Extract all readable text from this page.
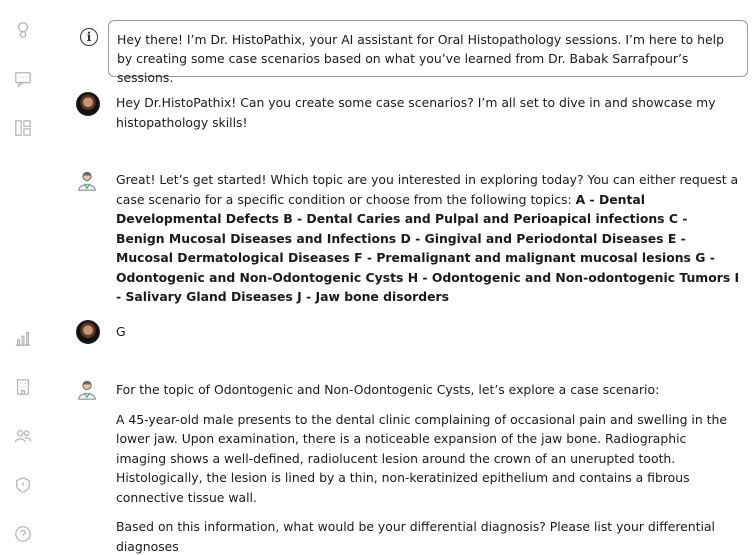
i	Hey there! I’m Dr. HistoPathix, your AI assistant for Oral Histopathology sessions. I’m here to help by creating some case scenarios based on what you’ve learned from Dr. Babak Sarrafpour’s sessions.
Hey Dr.HistoPathix! Can you create some case scenarios? I’m all set to dive in and showcase my histopathology skills!
Great! Let’s get started! Which topic are you interested in exploring today? You can either request a case scenario for a specific condition or choose from the following topics: A - Dental Developmental Defects B - Dental Caries and Pulpal and Perioapical infections C - Benign Mucosal Diseases and Infections D - Gingival and Periodontal Diseases E - Mucosal Dermatological Diseases F - Premalignant and malignant mucosal lesions G - Odontogenic and Non-Odontogenic Cysts H - Odontogenic and Non-odontogenic Tumors I - Salivary Gland Diseases J - Jaw bone disorders
G
For the topic of Odontogenic and Non-Odontogenic Cysts, let’s explore a case scenario:
A 45-year-old male presents to the dental clinic complaining of occasional pain and swelling in the lower jaw. Upon examination, there is a noticeable expansion of the jaw bone. Radiographic imaging shows a well-defined, radiolucent lesion around the crown of an unerupted tooth. Histologically, the lesion is lined by a thin, non-keratinized epithelium and contains a fibrous connective tissue wall.
Based on this information, what would be your differential diagnosis? Please list your differential diagnoses
